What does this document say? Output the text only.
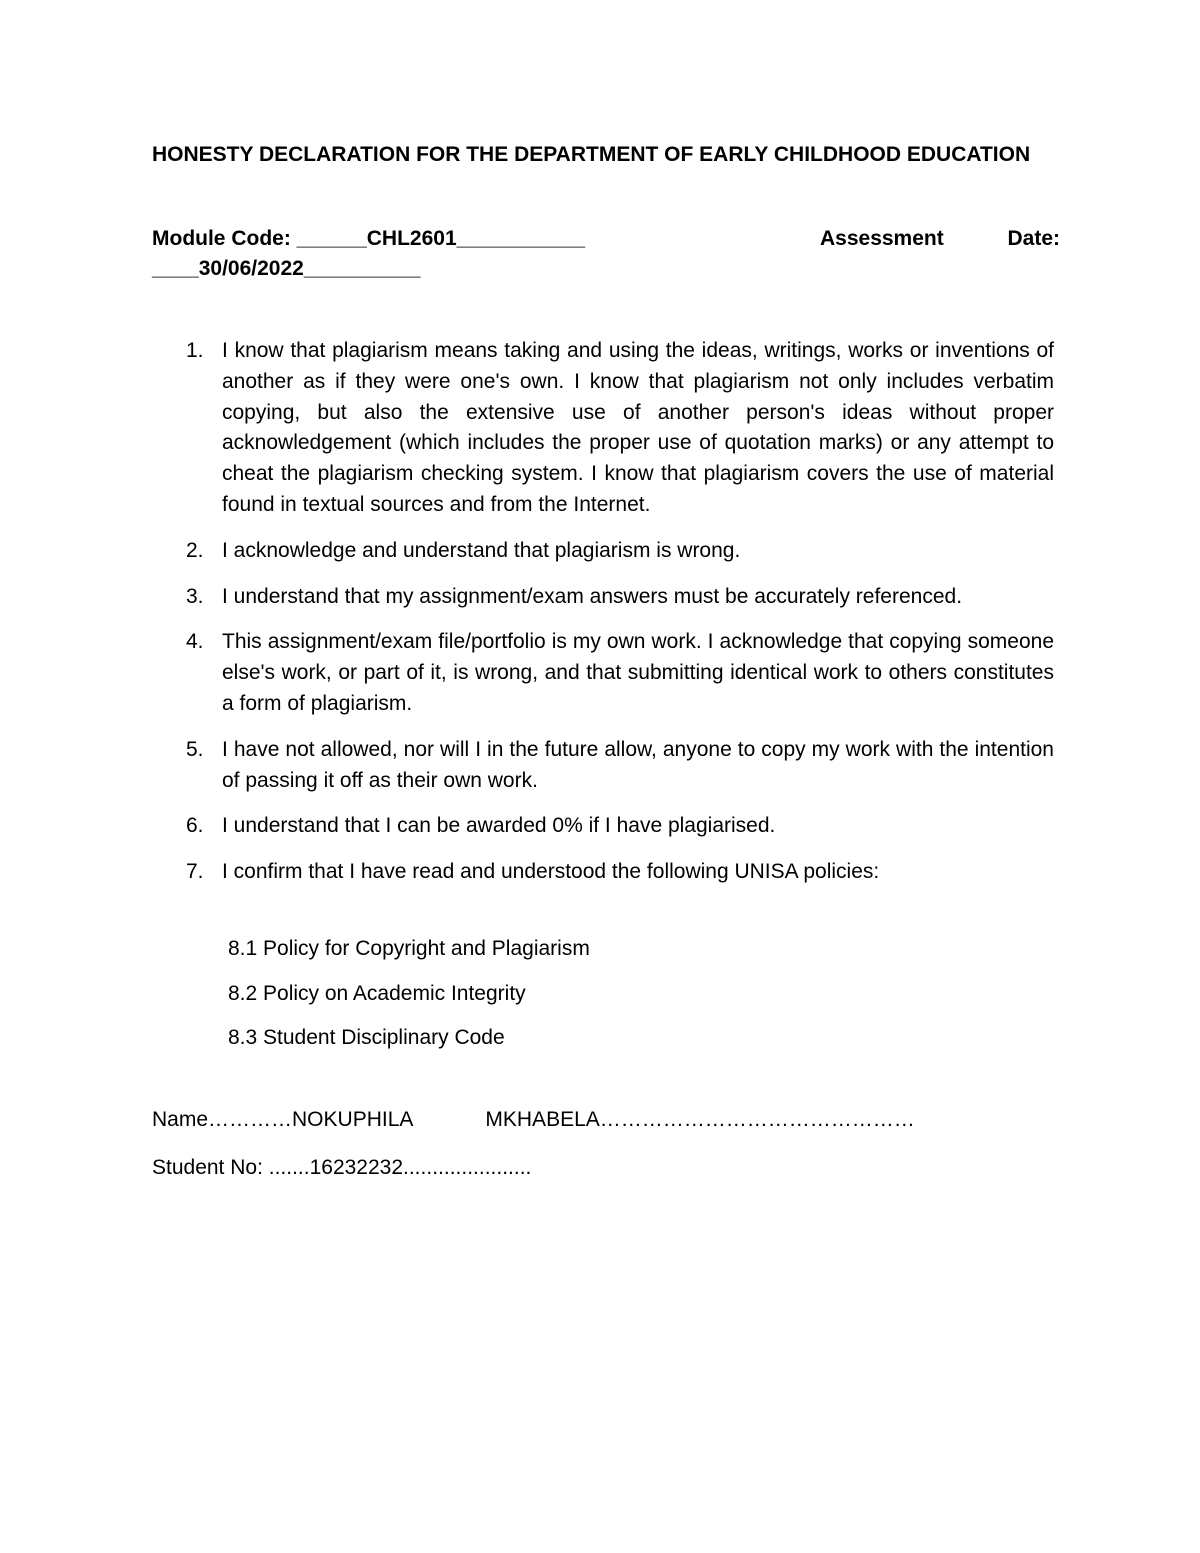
HONESTY DECLARATION FOR THE DEPARTMENT OF EARLY CHILDHOOD EDUCATION

Module Code: ______CHL2601___________	Assessment	Date:
____30/06/2022__________
1. I know that plagiarism means taking and using the ideas, writings, works or inventions of another as if they were one's own. I know that plagiarism not only includes verbatim copying, but also the extensive use of another person's ideas without proper acknowledgement (which includes the proper use of quotation marks) or any attempt to cheat the plagiarism checking system. I know that plagiarism covers the use of material found in textual sources and from the Internet.
2. I acknowledge and understand that plagiarism is wrong.
3. I understand that my assignment/exam answers must be accurately referenced.
4. This assignment/exam file/portfolio is my own work. I acknowledge that copying someone else's work, or part of it, is wrong, and that submitting identical work to others constitutes a form of plagiarism.
5. I have not allowed, nor will I in the future allow, anyone to copy my work with the intention of passing it off as their own work.
6. I understand that I can be awarded 0% if I have plagiarised.
7. I confirm that I have read and understood the following UNISA policies:
8.1 Policy for Copyright and Plagiarism
8.2 Policy on Academic Integrity
8.3 Student Disciplinary Code
Name…………NOKUPHILA	MKHABELA………………………………………
Student No: .......16232232......................
